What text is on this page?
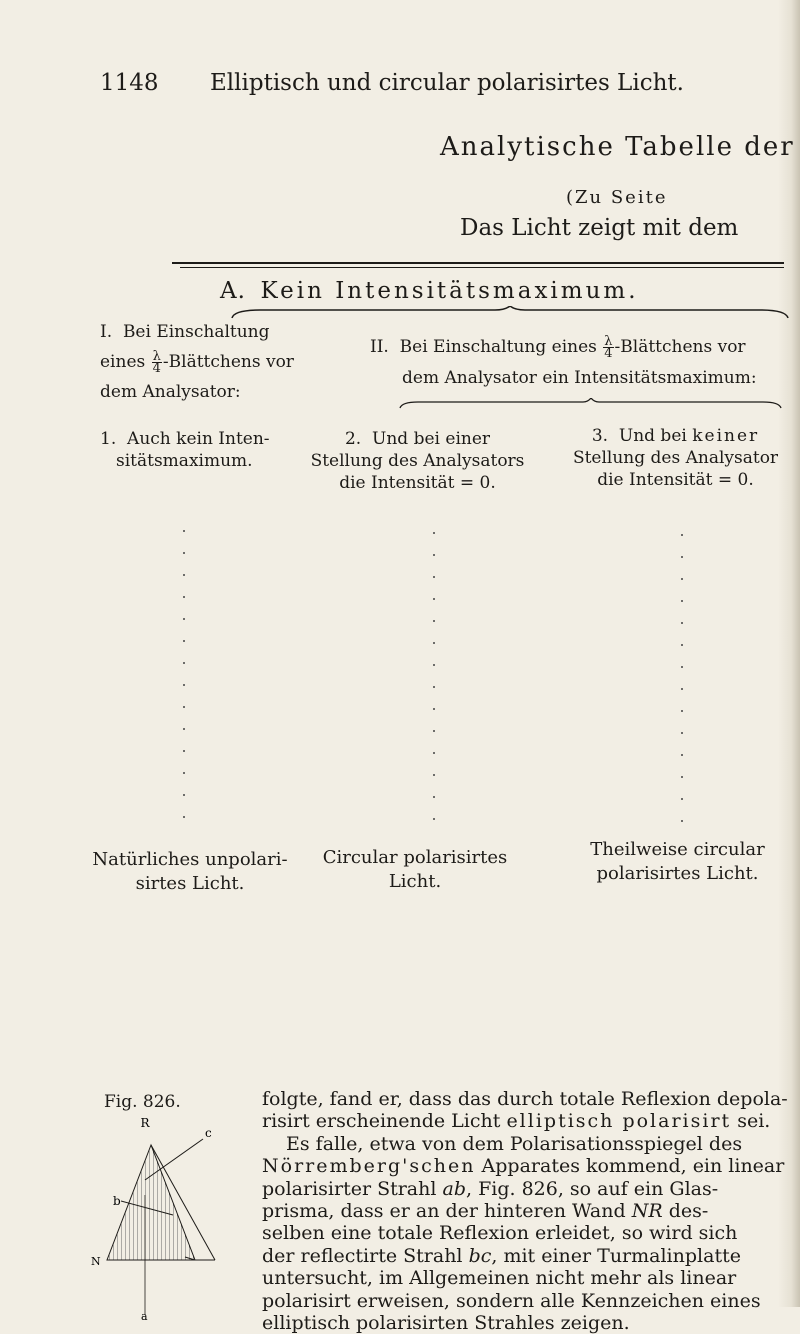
1148 Elliptisch und circular polarisirtes Licht.
Analytische Tabelle der
(Zu Seite
Das Licht zeigt mit dem
A. Kein Intensitätsmaximum.
I. Bei Einschaltung
eines $\frac{\lambda}{4}$ -Blättchens vor
dem Analysator:
II. Bei Einschaltung eines $\frac{\lambda}{4}$ -Blättchens vor
dem Analysator ein Intensitätsmaximum:
1. Auch kein Inten-
sitätsmaximum.
2. Und bei einer
Stellung des Analysators
die Intensität = 0.
3. Und bei keiner
Stellung des Analysator
die Intensität = 0.
Natürliches unpolari-
sirtes Licht.
Circular polarisirtes
Licht.
Theilweise circular
polarisirtes Licht.
Fig. 826.
R
c
b
N
a

folgte, fand er, dass das durch totale Reflexion depola-

risirt erscheinende Licht elliptisch polarisirt sei.

Es falle, etwa von dem Polarisationsspiegel des

Nörremberg'schen Apparates kommend, ein linear

polarisirter Strahl ab, Fig. 826, so auf ein Glas-

prisma, dass er an der hinteren Wand NR des-

selben eine totale Reflexion erleidet, so wird sich

der reflectirte Strahl bc, mit einer Turmalinplatte

untersucht, im Allgemeinen nicht mehr als linear

polarisirt erweisen, sondern alle Kennzeichen eines

elliptisch polarisirten Strahles zeigen.
